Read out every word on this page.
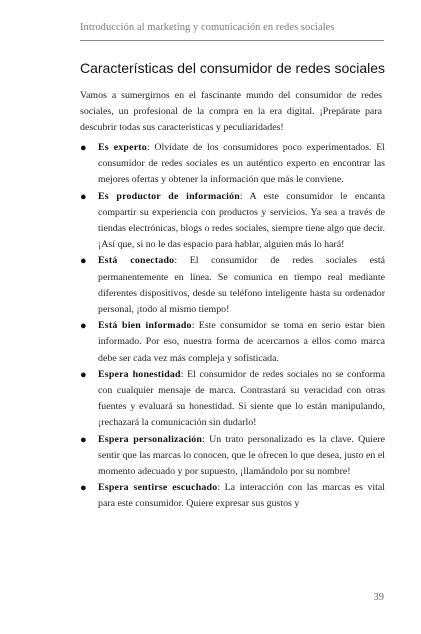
Introducción al marketing y comunicación en redes sociales
Características del consumidor de redes sociales

Vamos a sumergirnos en el fascinante mundo del consumidor de redes sociales, un profesional de la compra en la era digital. ¡Prepárate para descubrir todas sus características y peculiaridades!

● Es experto: Olvídate de los consumidores poco experimentados. El consumidor de redes sociales es un auténtico experto en encontrar las mejores ofertas y obtener la información que más le conviene.
● Es productor de información: A este consumidor le encanta compartir su experiencia con productos y servicios. Ya sea a través de tiendas electrónicas, blogs o redes sociales, siempre tiene algo que decir. ¡Así que, si no le das espacio para hablar, alguien más lo hará!
● Está conectado: El consumidor de redes sociales está permanentemente en línea. Se comunica en tiempo real mediante diferentes dispositivos, desde su teléfono inteligente hasta su ordenador personal, ¡todo al mismo tiempo!
● Está bien informado: Este consumidor se toma en serio estar bien informado. Por eso, nuestra forma de acercarnos a ellos como marca debe ser cada vez más compleja y sofisticada.
● Espera honestidad: El consumidor de redes sociales no se conforma con cualquier mensaje de marca. Contrastará su veracidad con otras fuentes y evaluará su honestidad. Si siente que lo están manipulando, ¡rechazará la comunicación sin dudarlo!
● Espera personalización: Un trato personalizado es la clave. Quiere sentir que las marcas lo conocen, que le ofrecen lo que desea, justo en el momento adecuado y por supuesto, ¡llamándolo por su nombre!
● Espera sentirse escuchado: La interacción con las marcas es vital para este consumidor. Quiere expresar sus gustos y
39
